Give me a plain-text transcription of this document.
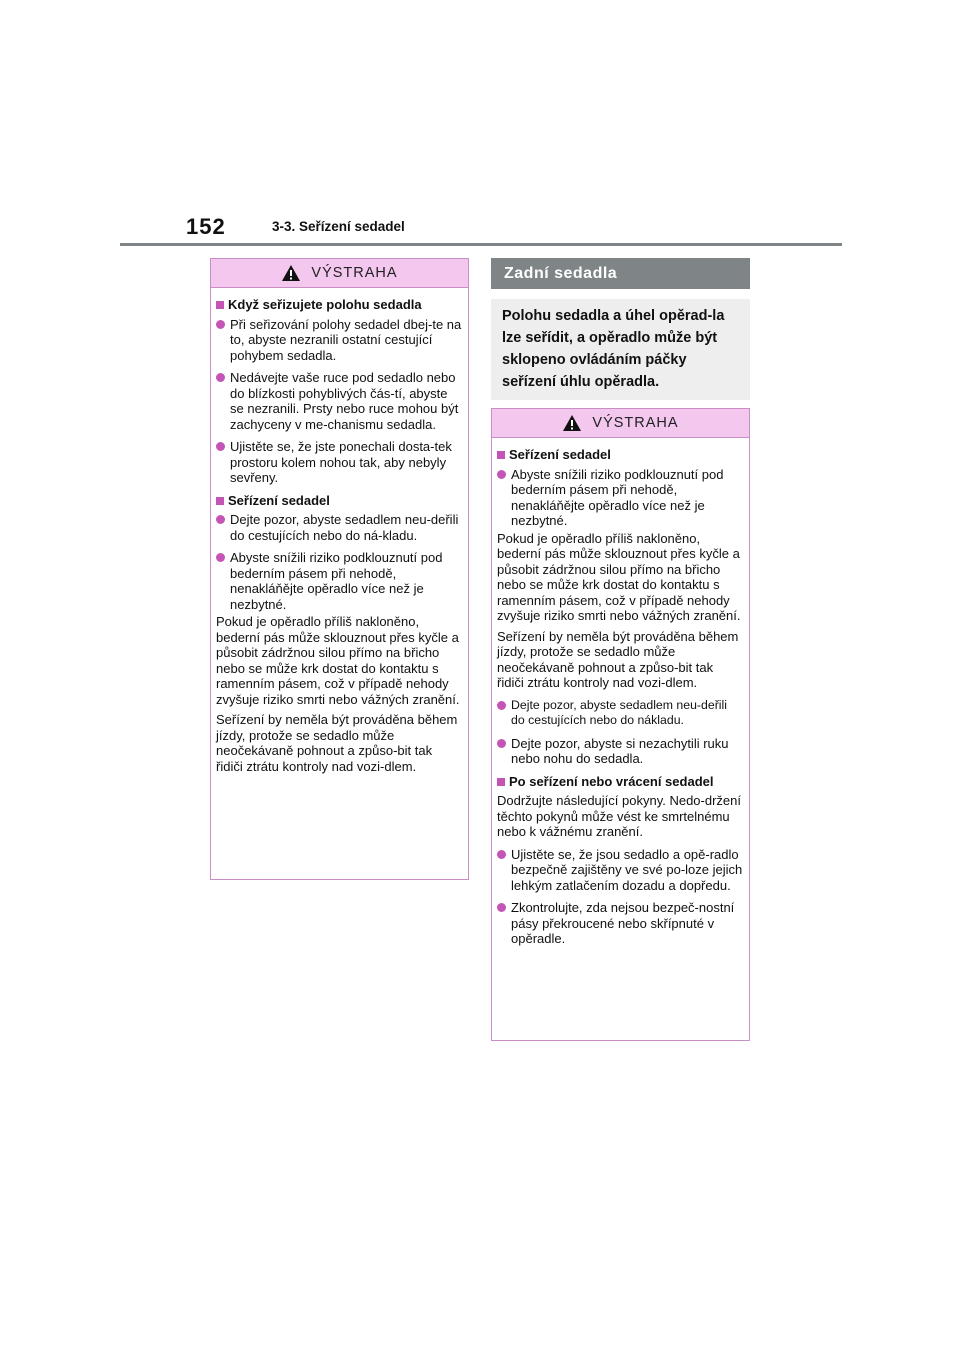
152	3-3. Seřízení sedadel
VÝSTRAHA
Když seřizujete polohu sedadla
Při seřizování polohy sedadel dbej-te na to, abyste nezranili ostatní cestující pohybem sedadla.
Nedávejte vaše ruce pod sedadlo nebo do blízkosti pohyblivých čás-tí, abyste se nezranili. Prsty nebo ruce mohou být zachyceny v me-chanismu sedadla.
Ujistěte se, že jste ponechali dosta-tek prostoru kolem nohou tak, aby nebyly sevřeny.
Seřízení sedadel
Dejte pozor, abyste sedadlem neu-deřili do cestujících nebo do ná-kladu.
Abyste snížili riziko podklouznutí pod bederním pásem při nehodě, nenakláňějte opěradlo více než je nezbytné.
Pokud je opěradlo příliš nakloněno, bederní pás může sklouznout přes kyčle a působit zádržnou silou přímo na břicho nebo se může krk dostat do kontaktu s ramenním pásem, což v případě nehody zvyšuje riziko smrti nebo vážných zranění.
Seřízení by neměla být prováděna během jízdy, protože se sedadlo může neočekávaně pohnout a způso-bit tak řidiči ztrátu kontroly nad vozi-dlem.
Zadní sedadla
Polohu sedadla a úhel opěrad-la lze seřídit, a opěradlo může být sklopeno ovládáním páčky seřízení úhlu opěradla.
VÝSTRAHA
Seřízení sedadel
Abyste snížili riziko podklouznutí pod bederním pásem při nehodě, nenakláňějte opěradlo více než je nezbytné.
Pokud je opěradlo příliš nakloněno, bederní pás může sklouznout přes kyčle a působit zádržnou silou přímo na břicho nebo se může krk dostat do kontaktu s ramenním pásem, což v případě nehody zvyšuje riziko smrti nebo vážných zranění.
Seřízení by neměla být prováděna během jízdy, protože se sedadlo může neočekávaně pohnout a způso-bit tak řidiči ztrátu kontroly nad vozi-dlem.
Dejte pozor, abyste sedadlem neu-deřili do cestujících nebo do nákladu.
Dejte pozor, abyste si nezachytili ruku nebo nohu do sedadla.
Po seřízení nebo vrácení sedadel
Dodržujte následující pokyny. Nedo-držení těchto pokynů může vést ke smrtelnému nebo k vážnému zranění.
Ujistěte se, že jsou sedadlo a opě-radlo bezpečně zajištěny ve své po-loze jejich lehkým zatlačením dozadu a dopředu.
Zkontrolujte, zda nejsou bezpeč-nostní pásy překroucené nebo skřípnuté v opěradle.
